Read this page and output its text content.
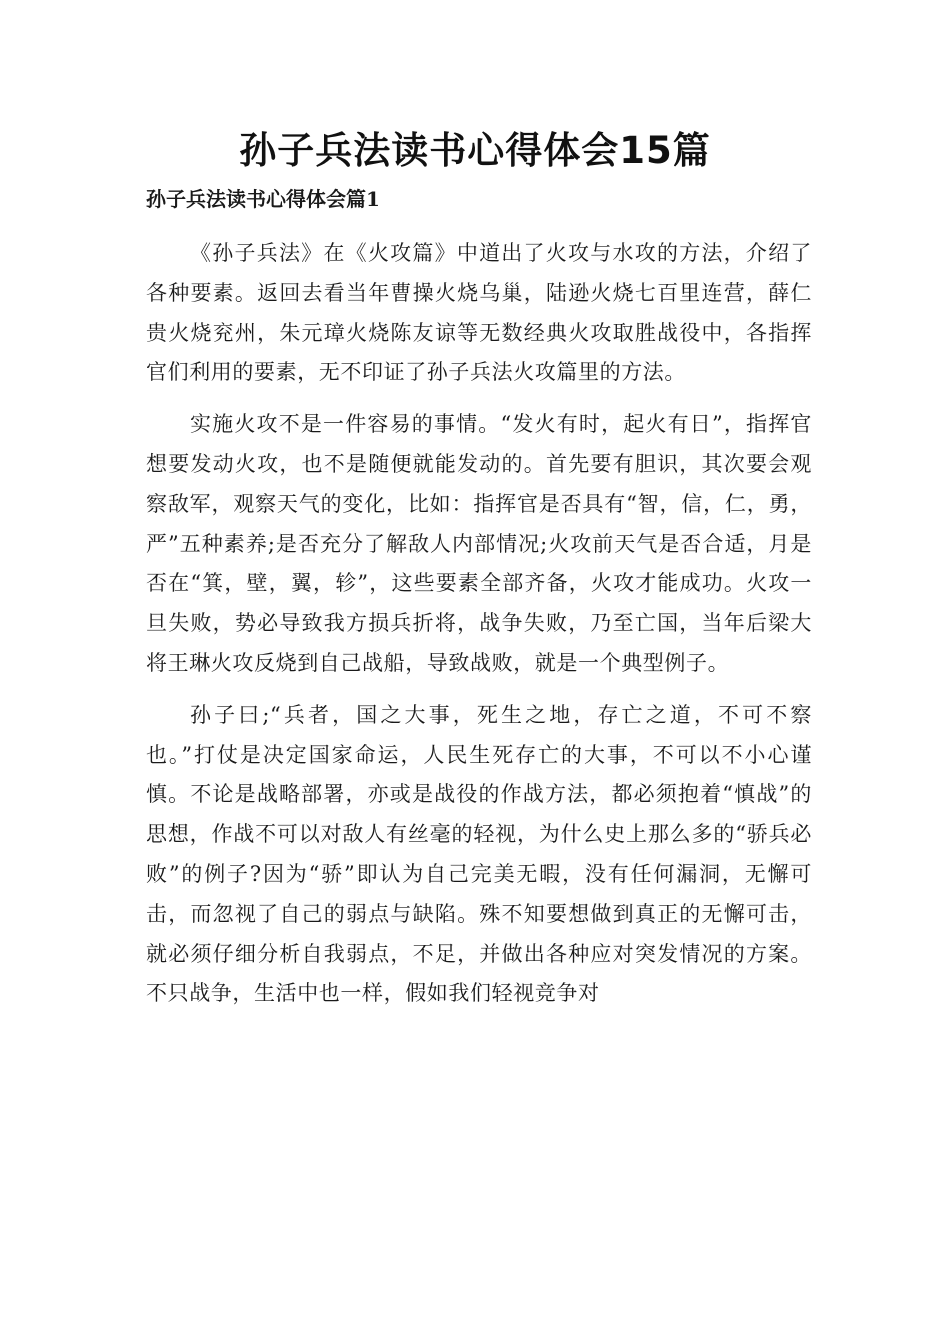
孙子兵法读书心得体会15篇
孙子兵法读书心得体会篇1

《孙子兵法》在《火攻篇》中道出了火攻与水攻的方法，介绍了各种要素。返回去看当年曹操火烧乌巢，陆逊火烧七百里连营，薛仁贵火烧兖州，朱元璋火烧陈友谅等无数经典火攻取胜战役中，各指挥官们利用的要素，无不印证了孙子兵法火攻篇里的方法。

实施火攻不是一件容易的事情。“发火有时，起火有日”，指挥官想要发动火攻，也不是随便就能发动的。首先要有胆识，其次要会观察敌军，观察天气的变化，比如：指挥官是否具有“智，信，仁，勇，严”五种素养;是否充分了解敌人内部情况;火攻前天气是否合适，月是否在“箕，壁，翼，轸”，这些要素全部齐备，火攻才能成功。火攻一旦失败，势必导致我方损兵折将，战争失败，乃至亡国，当年后梁大将王琳火攻反烧到自己战船，导致战败，就是一个典型例子。

孙子曰;“兵者，国之大事，死生之地，存亡之道，不可不察也。”打仗是决定国家命运，人民生死存亡的大事，不可以不小心谨慎。不论是战略部署，亦或是战役的作战方法，都必须抱着“慎战”的思想，作战不可以对敌人有丝毫的轻视，为什么史上那么多的“骄兵必败”的例子?因为“骄”即认为自己完美无暇，没有任何漏洞，无懈可击，而忽视了自己的弱点与缺陷。殊不知要想做到真正的无懈可击，就必须仔细分析自我弱点，不足，并做出各种应对突发情况的方案。不只战争，生活中也一样，假如我们轻视竞争对
